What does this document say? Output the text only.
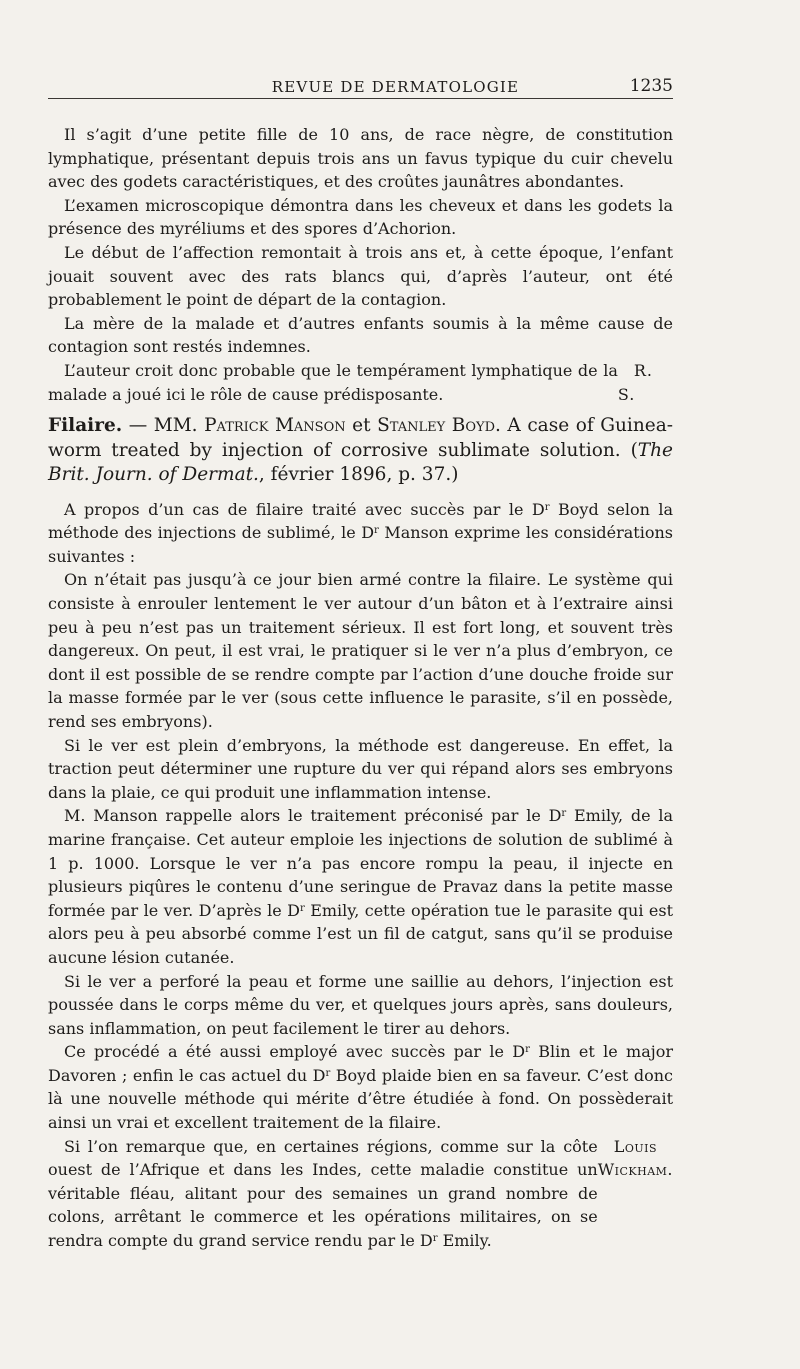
REVUE DE DERMATOLOGIE	1235

Il s’agit d’une petite fille de 10 ans, de race nègre, de constitution lymphatique, présentant depuis trois ans un favus typique du cuir chevelu avec des godets caractéristiques, et des croûtes jaunâtres abondantes.

L’examen microscopique démontra dans les cheveux et dans les godets la présence des myréliums et des spores d’Achorion.

Le début de l’affection remontait à trois ans et, à cette époque, l’enfant jouait souvent avec des rats blancs qui, d’après l’auteur, ont été probablement le point de départ de la contagion.

La mère de la malade et d’autres enfants soumis à la même cause de contagion sont restés indemnes.

L’auteur croit donc probable que le tempérament lymphatique de la malade a joué ici le rôle de cause prédisposante.
R. S.

Filaire. — MM. Patrick Manson et Stanley Boyd. A case of Guinea-worm treated by injection of corrosive sublimate solution. (The Brit. Journ. of Dermat., février 1896, p. 37.)

A propos d’un cas de filaire traité avec succès par le $D^r$ Boyd selon la méthode des injections de sublimé, le $D^r$ Manson exprime les considérations suivantes :

On n’était pas jusqu’à ce jour bien armé contre la filaire. Le système qui consiste à enrouler lentement le ver autour d’un bâton et à l’extraire ainsi peu à peu n’est pas un traitement sérieux. Il est fort long, et souvent très dangereux. On peut, il est vrai, le pratiquer si le ver n’a plus d’embryon, ce dont il est possible de se rendre compte par l’action d’une douche froide sur la masse formée par le ver (sous cette influence le parasite, s’il en possède, rend ses embryons).

Si le ver est plein d’embryons, la méthode est dangereuse. En effet, la traction peut déterminer une rupture du ver qui répand alors ses embryons dans la plaie, ce qui produit une inflammation intense.

M. Manson rappelle alors le traitement préconisé par le $D^r$ Emily, de la marine française. Cet auteur emploie les injections de solution de sublimé à 1 p. 1000. Lorsque le ver n’a pas encore rompu la peau, il injecte en plusieurs piqûres le contenu d’une seringue de Pravaz dans la petite masse formée par le ver. D’après le $D^r$ Emily, cette opération tue le parasite qui est alors peu à peu absorbé comme l’est un fil de catgut, sans qu’il se produise aucune lésion cutanée.

Si le ver a perforé la peau et forme une saillie au dehors, l’injection est poussée dans le corps même du ver, et quelques jours après, sans douleurs, sans inflammation, on peut facilement le tirer au dehors.

Ce procédé a été aussi employé avec succès par le $D^r$ Blin et le major Davoren ; enfin le cas actuel du $D^r$ Boyd plaide bien en sa faveur. C’est donc là une nouvelle méthode qui mérite d’être étudiée à fond. On possèderait ainsi un vrai et excellent traitement de la filaire.

Si l’on remarque que, en certaines régions, comme sur la côte ouest de l’Afrique et dans les Indes, cette maladie constitue un véritable fléau, alitant pour des semaines un grand nombre de colons, arrêtant le commerce et les opérations militaires, on se rendra compte du grand service rendu par le $D^r$ Emily.
Louis Wickham.
